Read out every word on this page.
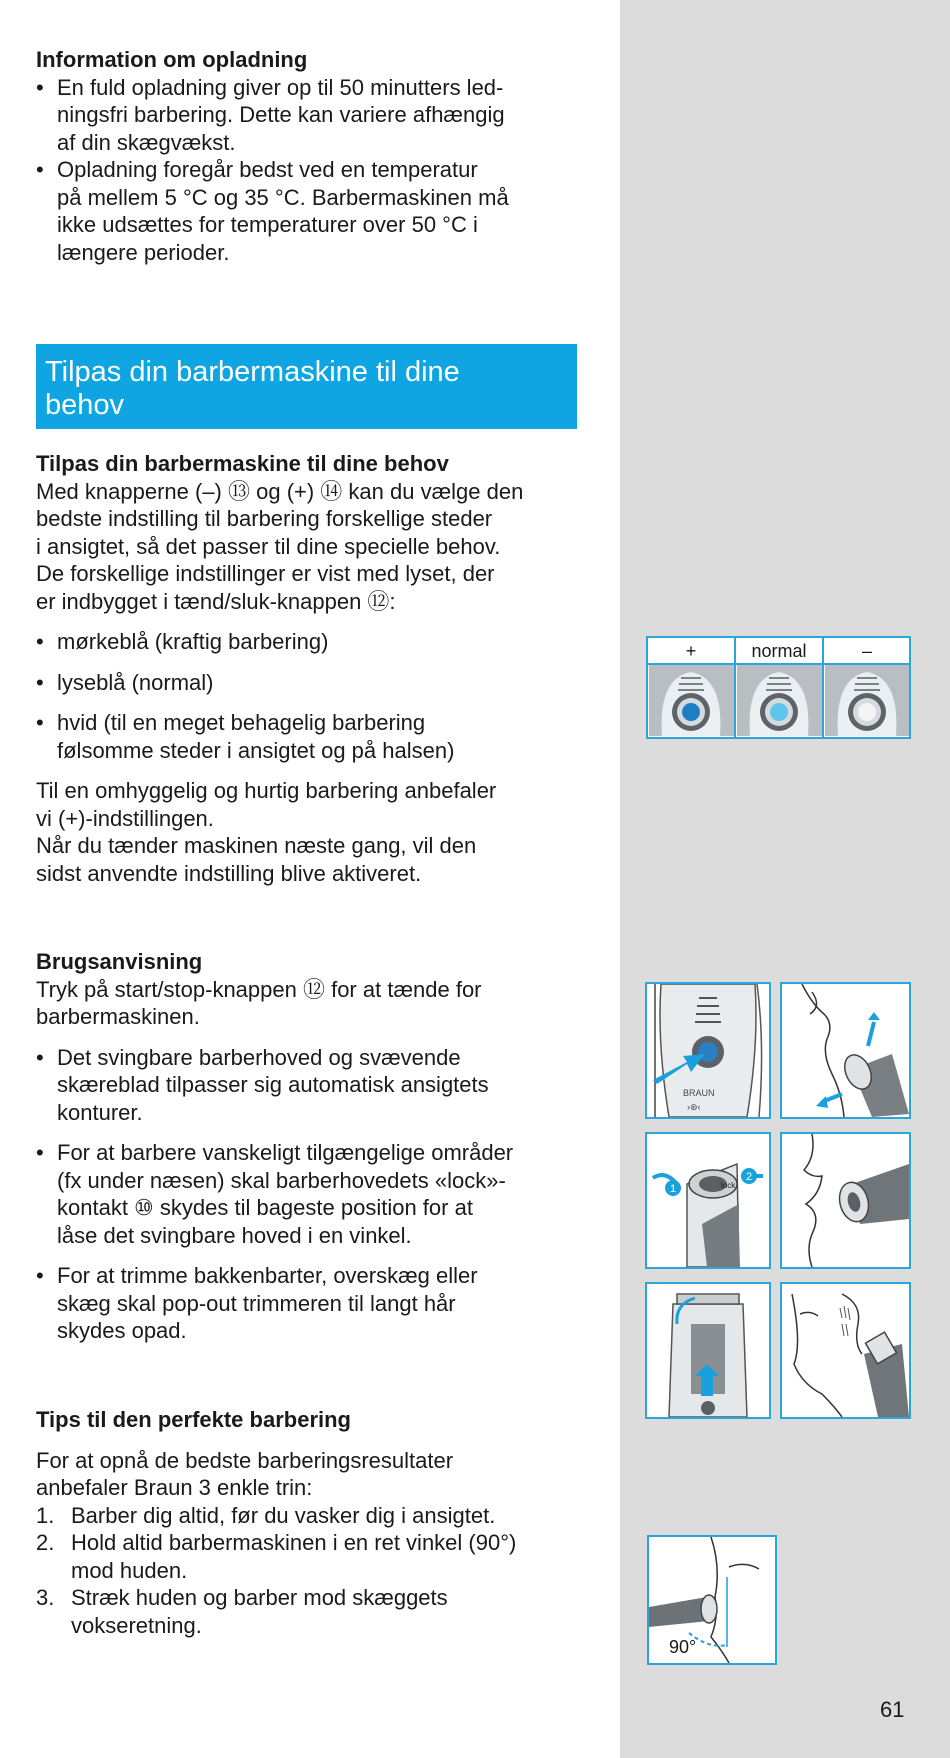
Information om opladning

• En fuld opladning giver op til 50 minutters led-

ningsfri barbering. Dette kan variere afhængig

af din skægvækst.

• Opladning foregår bedst ved en temperatur

på mellem 5 °C og 35 °C. Barbermaskinen må

ikke udsættes for temperaturer over 50 °C i

længere perioder.

Tilpas din barbermaskine til dine
behov

Tilpas din barbermaskine til dine behov

Med knapperne (–) ⑬ og (+) ⑭ kan du vælge den

bedste indstilling til barbering forskellige steder

i ansigtet, så det passer til dine specielle behov.

De forskellige indstillinger er vist med lyset, der

er indbygget i tænd/sluk-knappen ⑫:

• mørkeblå (kraftig barbering)

• lyseblå (normal)

• hvid (til en meget behagelig barbering

følsomme steder i ansigtet og på halsen)

Til en omhyggelig og hurtig barbering anbefaler

vi (+)-indstillingen.

Når du tænder maskinen næste gang, vil den

sidst anvendte indstilling blive aktiveret.

Brugsanvisning

Tryk på start/stop-knappen ⑫ for at tænde for

barbermaskinen.

• Det svingbare barberhoved og svævende

skæreblad tilpasser sig automatisk ansigtets

konturer.

• For at barbere vanskeligt tilgængelige områder

(fx under næsen) skal barberhovedets «lock»-

kontakt ⑩ skydes til bageste position for at

låse det svingbare hoved i en vinkel.

• For at trimme bakkenbarter, overskæg eller

skæg skal pop-out trimmeren til langt hår

skydes opad.

Tips til den perfekte barbering

For at opnå de bedste barberingsresultater

anbefaler Braun 3 enkle trin:

1. Barber dig altid, før du vasker dig i ansigtet.

2. Hold altid barbermaskinen i en ret vinkel (90°)

mod huden.

3. Stræk huden og barber mod skæggets

vokseretning.

+	normal	–
BRAUN
›⊛‹
lock
1
2
90°
61
